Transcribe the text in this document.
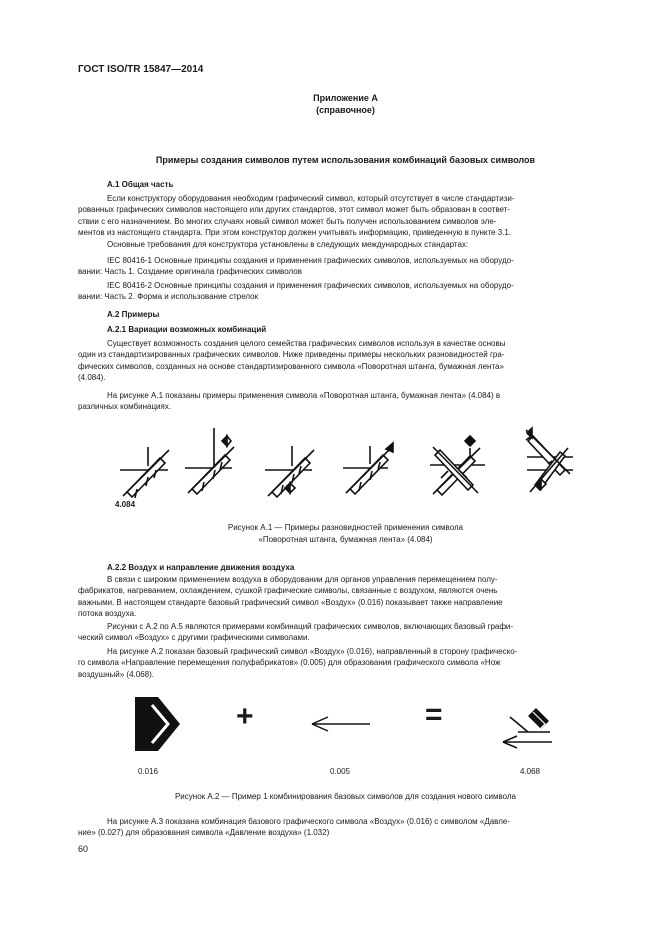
ГОСТ ISO/TR 15847—2014
Приложение А
(справочное)
Примеры создания символов путем использования комбинаций базовых символов
А.1 Общая часть
Если конструктору оборудования необходим графический символ, который отсутствует в числе стандартизи-
рованных графических символов настоящего или других стандартов, этот символ может быть образован в соответ-
ствии с его назначением. Во многих случаях новый символ может быть получен использованием символов эле-
ментов из настоящего стандарта. При этом конструктор должен учитывать информацию, приведенную в пункте 3.1.
Основные требования для конструктора установлены в следующих международных стандартах:
IEC 80416-1 Основные принципы создания и применения графических символов, используемых на оборудо-
вании: Часть 1. Создание оригинала графических символов
IEC 80416-2 Основные принципы создания и применения графических символов, используемых на оборудо-
вании: Часть 2. Форма и использование стрелок
А.2 Примеры
А.2.1 Вариации возможных комбинаций
Существует возможность создания целого семейства графических символов используя в качестве основы
один из стандартизированных графических символов. Ниже приведены примеры нескольких разновидностей гра-
фических символов, созданных на основе стандартизированного символа «Поворотная штанга, бумажная лента»
(4.084).
На рисунке А.1 показаны примеры применения символа «Поворотная штанга, бумажная лента» (4.084) в
различных комбинациях.
4.084
Рисунок А.1 — Примеры разновидностей применения символа
«Поворотная штанга, бумажная лента» (4.084)
А.2.2 Воздух и направление движения воздуха
В связи с широким применением воздуха в оборудовании для органов управления перемещением полу-
фабрикатов, нагреванием, охлаждением, сушкой графические символы, связанные с воздухом, являются очень
важными. В настоящем стандарте базовый графический символ «Воздух» (0.016) показывает также направление
потока воздуха.
Рисунки с А.2 по А.5 являются примерами комбинаций графических символов, включающих базовый графи-
ческий символ «Воздух» с другими графическими символами.
На рисунке А.2 показан базовый графический символ «Воздух» (0.016), направленный в сторону графическо-
го символа «Направление перемещения полуфабрикатов» (0.005) для образования графического символа «Нож
воздушный» (4.068).
+	=
0.016	0.005	4.068
Рисунок А.2 — Пример 1 комбинирования базовых символов для создания нового символа
На рисунке А.3 показана комбинация базового графического символа «Воздух» (0.016) с символом «Давле-
ние» (0.027) для образования символа «Давление воздуха» (1.032)
60
